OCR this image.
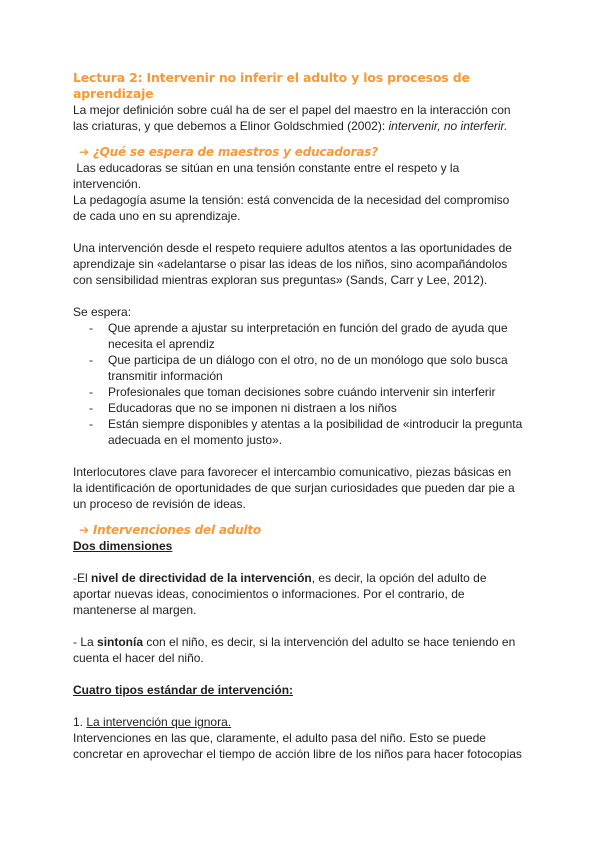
Lectura 2: Intervenir no inferir el adulto y los procesos de aprendizaje

La mejor definición sobre cuál ha de ser el papel del maestro en la interacción con las criaturas, y que debemos a Elinor Goldschmied (2002): intervenir, no interferir.

➔ ¿Qué se espera de maestros y educadoras?

Las educadoras se sitúan en una tensión constante entre el respeto y la intervención.

La pedagogía asume la tensión: está convencida de la necesidad del compromiso de cada uno en su aprendizaje.

Una intervención desde el respeto requiere adultos atentos a las oportunidades de aprendizaje sin «adelantarse o pisar las ideas de los niños, sino acompañándolos con sensibilidad mientras exploran sus preguntas» (Sands, Carr y Lee, 2012).

Se espera:

- Que aprende a ajustar su interpretación en función del grado de ayuda que necesita el aprendiz
- Que participa de un diálogo con el otro, no de un monólogo que solo busca transmitir información
- Profesionales que toman decisiones sobre cuándo intervenir sin interferir
- Educadoras que no se imponen ni distraen a los niños
- Están siempre disponibles y atentas a la posibilidad de «introducir la pregunta adecuada en el momento justo».

Interlocutores clave para favorecer el intercambio comunicativo, piezas básicas en la identificación de oportunidades de que surjan curiosidades que pueden dar pie a un proceso de revisión de ideas.

➔ Intervenciones del adulto

Dos dimensiones

-El nivel de directividad de la intervención, es decir, la opción del adulto de aportar nuevas ideas, conocimientos o informaciones. Por el contrario, de mantenerse al margen.

- La sintonía con el niño, es decir, si la intervención del adulto se hace teniendo en cuenta el hacer del niño.

Cuatro tipos estándar de intervención:

1. La intervención que ignora.

Intervenciones en las que, claramente, el adulto pasa del niño. Esto se puede concretar en aprovechar el tiempo de acción libre de los niños para hacer fotocopias
